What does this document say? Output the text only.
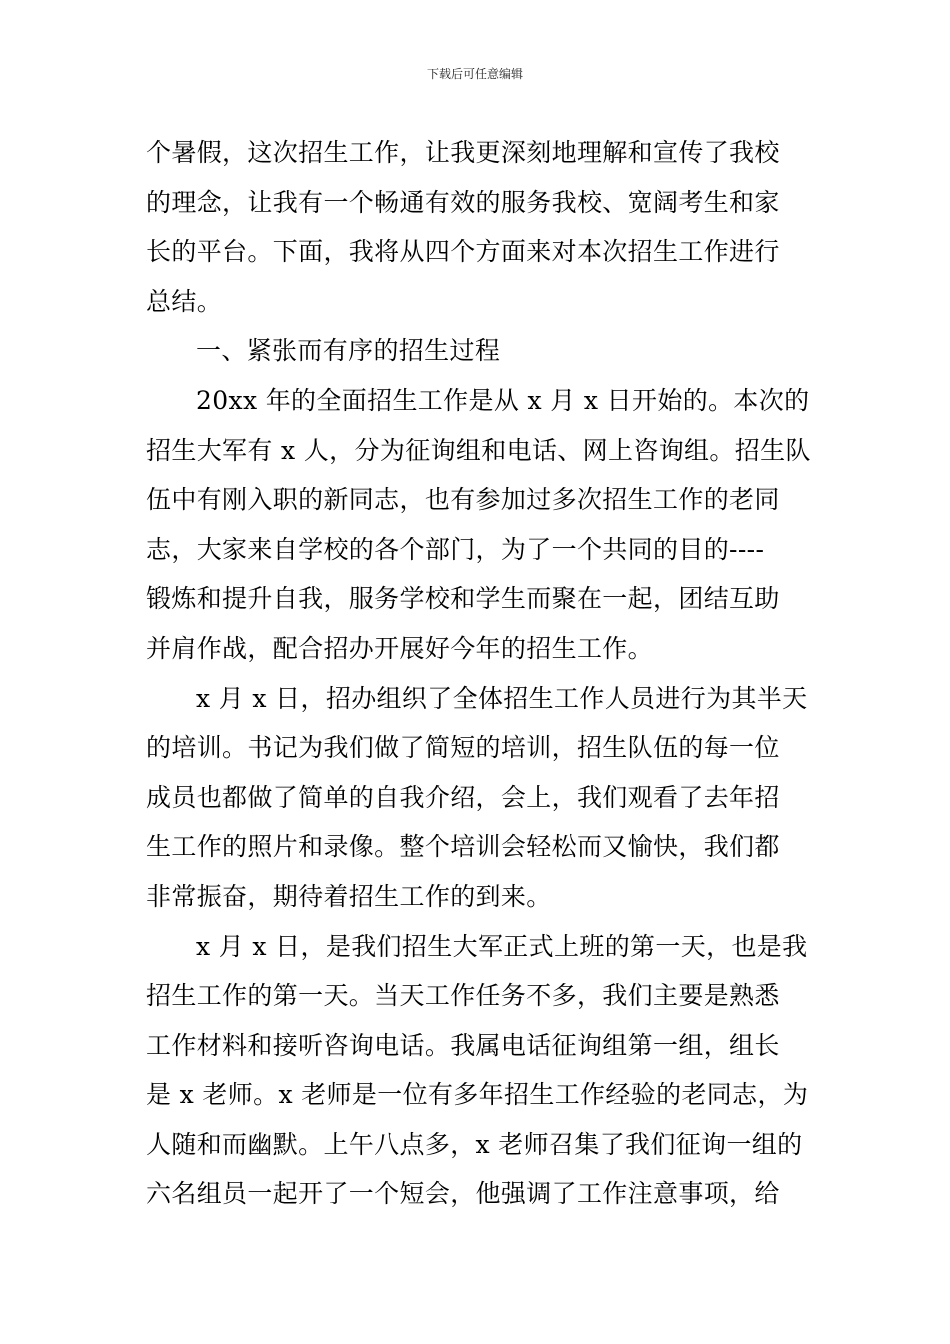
下载后可任意编辑
个暑假，这次招生工作，让我更深刻地理解和宣传了我校
的理念，让我有一个畅通有效的服务我校、宽阔考生和家
长的平台。下面，我将从四个方面来对本次招生工作进行
总结。
一、紧张而有序的招生过程
20xx 年的全面招生工作是从 x 月 x 日开始的。本次的
招生大军有 x 人，分为征询组和电话、网上咨询组。招生队
伍中有刚入职的新同志，也有参加过多次招生工作的老同
志，大家来自学校的各个部门，为了一个共同的目的----
锻炼和提升自我，服务学校和学生而聚在一起，团结互助
并肩作战，配合招办开展好今年的招生工作。
x 月 x 日，招办组织了全体招生工作人员进行为其半天
的培训。书记为我们做了简短的培训，招生队伍的每一位
成员也都做了简单的自我介绍，会上，我们观看了去年招
生工作的照片和录像。整个培训会轻松而又愉快，我们都
非常振奋，期待着招生工作的到来。
x 月 x 日，是我们招生大军正式上班的第一天，也是我
招生工作的第一天。当天工作任务不多，我们主要是熟悉
工作材料和接听咨询电话。我属电话征询组第一组，组长
是 x 老师。x 老师是一位有多年招生工作经验的老同志，为
人随和而幽默。上午八点多，x 老师召集了我们征询一组的
六名组员一起开了一个短会，他强调了工作注意事项，给
